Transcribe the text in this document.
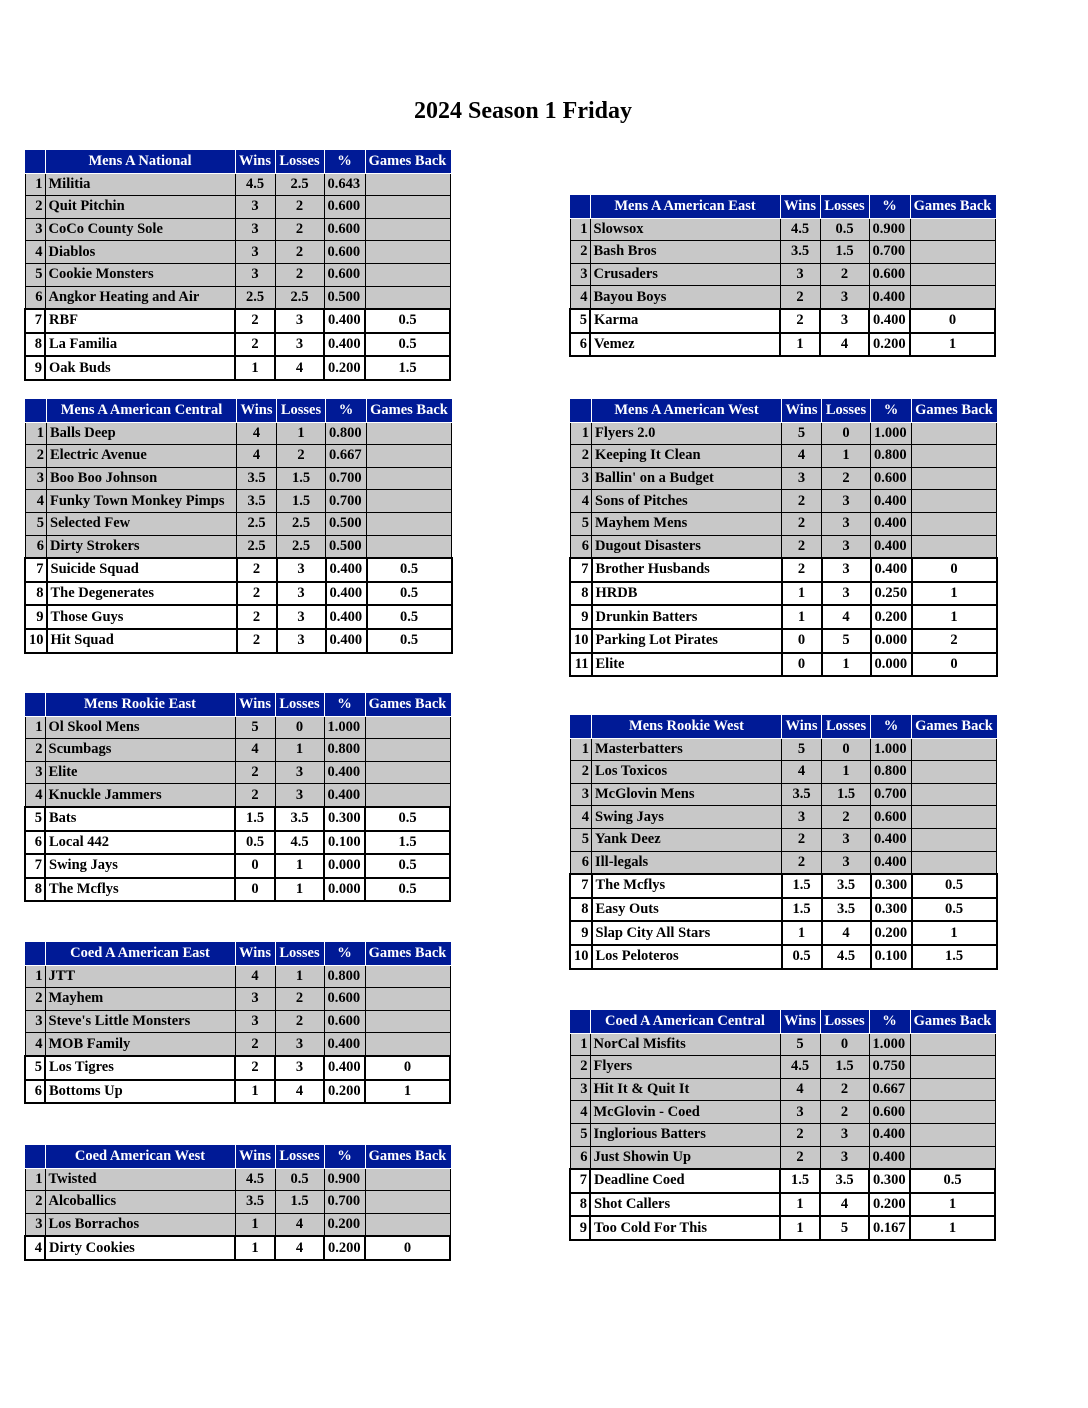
2024 Season 1 Friday
	Mens A National	Wins	Losses	%	Games Back
1	Militia	4.5	2.5	0.643	
2	Quit Pitchin	3	2	0.600	
3	CoCo County Sole	3	2	0.600	
4	Diablos	3	2	0.600	
5	Cookie Monsters	3	2	0.600	
6	Angkor Heating and Air	2.5	2.5	0.500	
7	RBF	2	3	0.400	0.5
8	La Familia	2	3	0.400	0.5
9	Oak Buds	1	4	0.200	1.5
	Mens A American East	Wins	Losses	%	Games Back
1	Slowsox	4.5	0.5	0.900	
2	Bash Bros	3.5	1.5	0.700	
3	Crusaders	3	2	0.600	
4	Bayou Boys	2	3	0.400	
5	Karma	2	3	0.400	0
6	Vemez	1	4	0.200	1
	Mens A American Central	Wins	Losses	%	Games Back
1	Balls Deep	4	1	0.800	
2	Electric Avenue	4	2	0.667	
3	Boo Boo Johnson	3.5	1.5	0.700	
4	Funky Town Monkey Pimps	3.5	1.5	0.700	
5	Selected Few	2.5	2.5	0.500	
6	Dirty Strokers	2.5	2.5	0.500	
7	Suicide Squad	2	3	0.400	0.5
8	The Degenerates	2	3	0.400	0.5
9	Those Guys	2	3	0.400	0.5
10	Hit Squad	2	3	0.400	0.5
	Mens A American West	Wins	Losses	%	Games Back
1	Flyers 2.0	5	0	1.000	
2	Keeping It Clean	4	1	0.800	
3	Ballin' on a Budget	3	2	0.600	
4	Sons of Pitches	2	3	0.400	
5	Mayhem Mens	2	3	0.400	
6	Dugout Disasters	2	3	0.400	
7	Brother Husbands	2	3	0.400	0
8	HRDB	1	3	0.250	1
9	Drunkin Batters	1	4	0.200	1
10	Parking Lot Pirates	0	5	0.000	2
11	Elite	0	1	0.000	0
	Mens Rookie East	Wins	Losses	%	Games Back
1	Ol Skool Mens	5	0	1.000	
2	Scumbags	4	1	0.800	
3	Elite	2	3	0.400	
4	Knuckle Jammers	2	3	0.400	
5	Bats	1.5	3.5	0.300	0.5
6	Local 442	0.5	4.5	0.100	1.5
7	Swing Jays	0	1	0.000	0.5
8	The Mcflys	0	1	0.000	0.5
	Mens Rookie West	Wins	Losses	%	Games Back
1	Masterbatters	5	0	1.000	
2	Los Toxicos	4	1	0.800	
3	McGlovin Mens	3.5	1.5	0.700	
4	Swing Jays	3	2	0.600	
5	Yank Deez	2	3	0.400	
6	Ill-legals	2	3	0.400	
7	The Mcflys	1.5	3.5	0.300	0.5
8	Easy Outs	1.5	3.5	0.300	0.5
9	Slap City All Stars	1	4	0.200	1
10	Los Peloteros	0.5	4.5	0.100	1.5
	Coed A American East	Wins	Losses	%	Games Back
1	JTT	4	1	0.800	
2	Mayhem	3	2	0.600	
3	Steve's Little Monsters	3	2	0.600	
4	MOB Family	2	3	0.400	
5	Los Tigres	2	3	0.400	0
6	Bottoms Up	1	4	0.200	1
	Coed A American Central	Wins	Losses	%	Games Back
1	NorCal Misfits	5	0	1.000	
2	Flyers	4.5	1.5	0.750	
3	Hit It & Quit It	4	2	0.667	
4	McGlovin - Coed	3	2	0.600	
5	Inglorious Batters	2	3	0.400	
6	Just Showin Up	2	3	0.400	
7	Deadline Coed	1.5	3.5	0.300	0.5
8	Shot Callers	1	4	0.200	1
9	Too Cold For This	1	5	0.167	1
	Coed American West	Wins	Losses	%	Games Back
1	Twisted	4.5	0.5	0.900	
2	Alcoballics	3.5	1.5	0.700	
3	Los Borrachos	1	4	0.200	
4	Dirty Cookies	1	4	0.200	0
